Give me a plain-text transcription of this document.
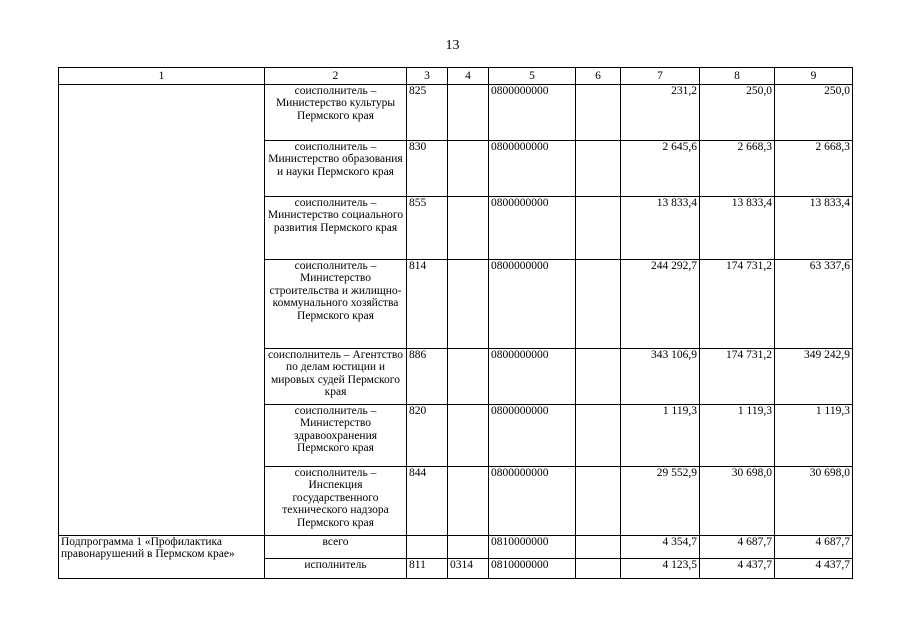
13
1	2	3	4	5	6	7	8	9
	соисполнитель – Министерство культуры Пермского края	825		0800000000		231,2	250,0	250,0
	соисполнитель – Министерство образования и науки Пермского края	830		0800000000		2 645,6	2 668,3	2 668,3
	соисполнитель – Министерство социального развития Пермского края	855		0800000000		13 833,4	13 833,4	13 833,4
	соисполнитель – Министерство строительства и жилищно-коммунального хозяйства Пермского края	814		0800000000		244 292,7	174 731,2	63 337,6
	соисполнитель – Агентство по делам юстиции и мировых судей Пермского края	886		0800000000		343 106,9	174 731,2	349 242,9
	соисполнитель – Министерство здравоохранения Пермского края	820		0800000000		1 119,3	1 119,3	1 119,3
	соисполнитель – Инспекция государственного технического надзора Пермского края	844		0800000000		29 552,9	30 698,0	30 698,0
Подпрограмма 1 «Профилактика правонарушений в Пермском крае»	всего			0810000000		4 354,7	4 687,7	4 687,7
	исполнитель	811	0314	0810000000		4 123,5	4 437,7	4 437,7
